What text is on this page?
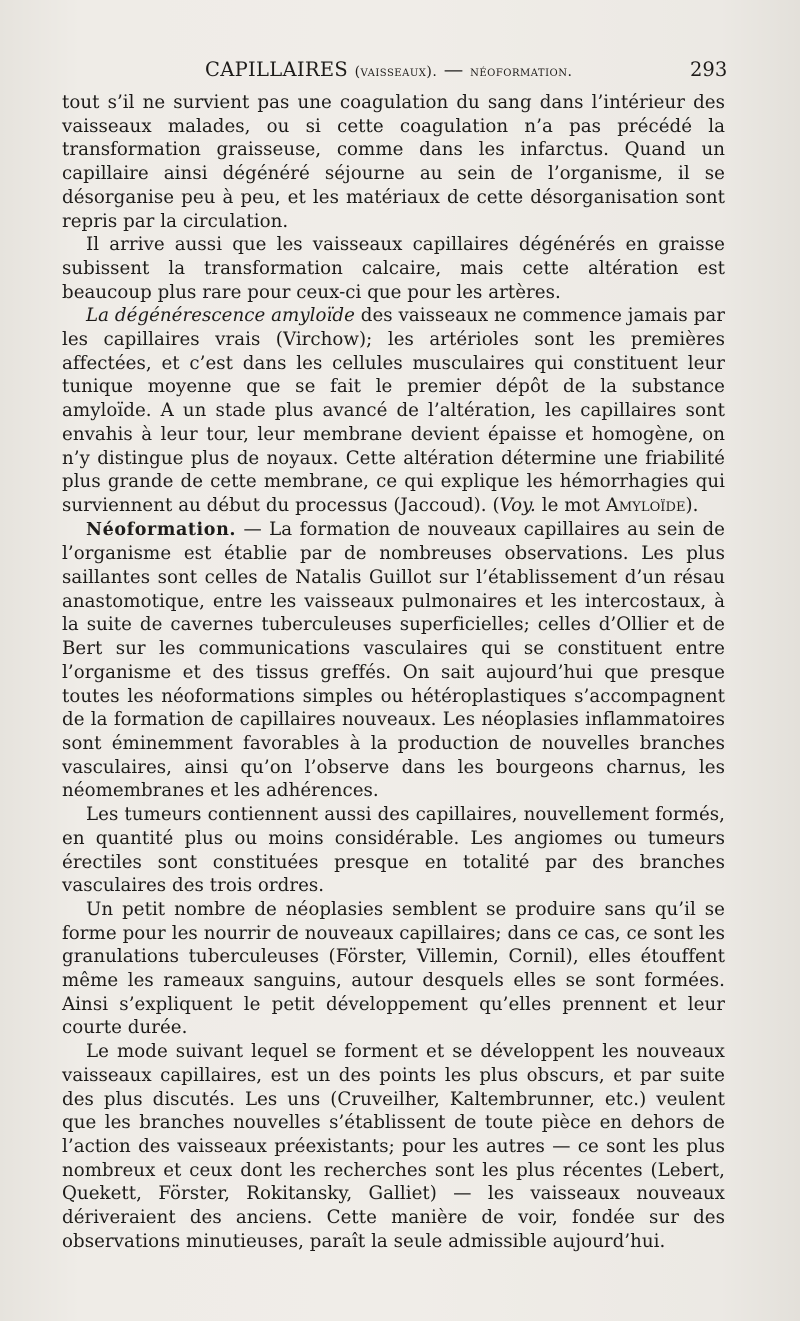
CAPILLAIRES (vaisseaux). — néoformation.	293

tout s’il ne survient pas une coagulation du sang dans l’intérieur des vaisseaux malades, ou si cette coagulation n’a pas précédé la transformation graisseuse, comme dans les infarctus. Quand un capillaire ainsi dégénéré séjourne au sein de l’organisme, il se désorganise peu à peu, et les matériaux de cette désorganisation sont repris par la circulation.

Il arrive aussi que les vaisseaux capillaires dégénérés en graisse subissent la transformation calcaire, mais cette altération est beaucoup plus rare pour ceux-ci que pour les artères.

La dégénérescence amyloïde des vaisseaux ne commence jamais par les capillaires vrais (Virchow); les artérioles sont les premières affectées, et c’est dans les cellules musculaires qui constituent leur tunique moyenne que se fait le premier dépôt de la substance amyloïde. A un stade plus avancé de l’altération, les capillaires sont envahis à leur tour, leur membrane devient épaisse et homogène, on n’y distingue plus de noyaux. Cette altération détermine une friabilité plus grande de cette membrane, ce qui explique les hémorrhagies qui surviennent au début du processus (Jaccoud). (Voy. le mot Amyloïde).

Néoformation. — La formation de nouveaux capillaires au sein de l’organisme est établie par de nombreuses observations. Les plus saillantes sont celles de Natalis Guillot sur l’établissement d’un résau anastomotique, entre les vaisseaux pulmonaires et les intercostaux, à la suite de cavernes tuberculeuses superficielles; celles d’Ollier et de Bert sur les communications vasculaires qui se constituent entre l’organisme et des tissus greffés. On sait aujourd’hui que presque toutes les néoformations simples ou hétéroplastiques s’accompagnent de la formation de capillaires nouveaux. Les néoplasies inflammatoires sont éminemment favorables à la production de nouvelles branches vasculaires, ainsi qu’on l’observe dans les bourgeons charnus, les néomembranes et les adhérences.

Les tumeurs contiennent aussi des capillaires, nouvellement formés, en quantité plus ou moins considérable. Les angiomes ou tumeurs érectiles sont constituées presque en totalité par des branches vasculaires des trois ordres.

Un petit nombre de néoplasies semblent se produire sans qu’il se forme pour les nourrir de nouveaux capillaires; dans ce cas, ce sont les granulations tuberculeuses (Förster, Villemin, Cornil), elles étouffent même les rameaux sanguins, autour desquels elles se sont formées. Ainsi s’expliquent le petit développement qu’elles prennent et leur courte durée.

Le mode suivant lequel se forment et se développent les nouveaux vaisseaux capillaires, est un des points les plus obscurs, et par suite des plus discutés. Les uns (Cruveilher, Kaltembrunner, etc.) veulent que les branches nouvelles s’établissent de toute pièce en dehors de l’action des vaisseaux préexistants; pour les autres — ce sont les plus nombreux et ceux dont les recherches sont les plus récentes (Lebert, Quekett, Förster, Rokitansky, Galliet) — les vaisseaux nouveaux dériveraient des anciens. Cette manière de voir, fondée sur des observations minutieuses, paraît la seule admissible aujourd’hui.
